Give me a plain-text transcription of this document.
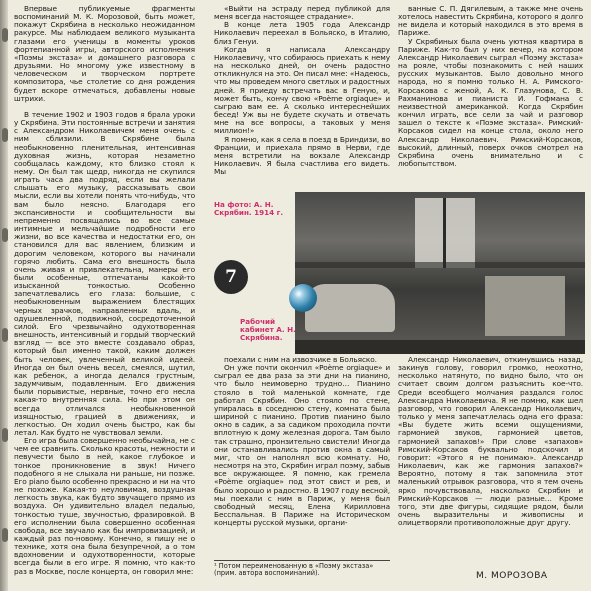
Впервые публикуемые фрагменты воспоминаний М. К. Морозовой, быть может, покажут Скрябина в несколько неожиданном ракурсе. Мы наблюдаем великого музыканта глазами его ученицы в моменты уроков фортепианной игры, авторского исполнения «Поэмы экстаза» и домашнего разговора с друзьями. Но многому уже известному в человеческом и творческом портрете композитора, чье столетие со дня рождения будет вскоре отмечаться, добавлены новые штрихи.

В течение 1902 и 1903 годов я брала уроки у Скрябина. Эти постоянные встречи и занятия с Александром Николаевичем меня очень с ним сблизили. В Скрябине была необыкновенно пленительная, интенсивная духовная жизнь, которая незаметно сообщалась каждому, кто близко стоял к нему. Он был так щедр, никогда не скупился играть часа два подряд, если вы желали слышать его музыку, рассказывать свои мысли, если вы хотели понять что-нибудь, что вам было неясно. Благодаря его экспансивности и сообщительности вы непременно посвящались во все самые интимные и мельчайшие подробности его жизни, во все качества и недостатки его, он становился для вас явлением, близким и дорогим человеком, которого вы начинали горячо любить. Сама его внешность была очень живая и привлекательна, манеры его были особенные, отпечатаны какой-то изысканной тонкостью. Особенно запечатлевались его глаза: большие, с необыкновенным выражением блестящих черных зрачков, направленных вдаль, и одушевленной, подвижной, сосредоточенной силой. Его чрезвычайно одухотворенная внешность, интенсивный и гордый творческий взгляд — все это вместе создавало образ, который был именно такой, каким должен быть человек, увлеченный великой идеей. Иногда он был очень весел, смеялся, шутил, как ребенок, а иногда делался грустным, задумчивым, подавленным. Его движения были порывистые, нервные, точно его несла какая-то внутренняя сила. Но при этом он всегда отличался необыкновенной изящностью, грацией в движениях, и легкостью. Он ходил очень быстро, как бы летал. Как будто не чувствовал земли.

Его игра была совершенно необычайна, не с чем ее сравнить. Сколько красоты, нежности и певучести было в ней, какое глубокое и тонкое проникновение в звук! Ничего подобного я не слыхала ни раньше, ни позже. Его piano было особенно прекрасно и ни на что не похоже. Какая-то неуловимая, воздушная легкость звука, как будто звучащего прямо из воздуха. Он удивительно владел педалью, тонкостью туше, звучностью, фразировкой. В его исполнении была совершенно особенная свобода, все звучало как бы импровизацией, и каждый раз по-новому. Конечно, я пишу не о технике, хотя она была безупречной, а о том вдохновении и одухотворенности, которые всегда были в его игре. Я помню, что как-то раз в Москве, после концерта, он говорил мне:

«Выйти на эстраду перед публикой для меня всегда настоящее страдание».

В конце лета 1905 года Александр Николаевич переехал в Больяско, в Италию, близ Генуи.

Когда я написала Александру Николаевичу, что собираюсь приехать к нему на несколько дней, он очень радостно откликнулся на это. Он писал мне: «Надеюсь, что мы проведем много светлых и радостных дней. Я приеду встречать вас в Геную, и, может быть, кончу свою «Poème orgiaque» и сыграю вам ее. А сколько интереснейших бесед! Уж вы не будете скучать и отвечать мне на все вопросы, а таковых у меня миллион!»

Я помню, как я села в поезд в Бриндизи, во Франции, и приехала прямо в Нерви, где меня встретили на вокзале Александр Николаевич. Я была счастлива его видеть. Мы

На фото: А. Н. Скрябин. 1914 г.

ванные С. П. Дягилевым, а также мне очень хотелось навестить Скрябина, которого я долго не видела и который находился в это время в Париже.

У Скрябиных была очень уютная квартира в Париже. Как-то был у них вечер, на котором Александр Николаевич сыграл «Поэму экстаза» на рояле, чтобы познакомить с ней наших русских музыкантов. Было довольно много народа, но я помню только Н. А. Римского-Корсакова с женой, А. К. Глазунова, С. В. Рахманинова и пианиста И. Гофмана с неизвестной американкой. Когда Скрябин кончил играть, все сели за чай и разговор зашел о тексте к «Поэме экстаза». Римский-Корсаков сидел на конце стола, около него Александр Николаевич. Римский-Корсаков, высокий, длинный, поверх очков смотрел на Скрябина очень внимательно и с любопытством.

7
Рабочий кабинет А. Н. Скрябина.

поехали с ним на извозчике в Больяско.

Он уже почти окончил «Poème orgiaque» и сыграл ее два раза за эти дни на пианино, что было неимоверно трудно… Пианино стояло в той маленькой комнате, где работал Скрябин. Оно стояло по стене, упиралась в соседнюю стену, комната была шириной с пианино. Против пианино было окно в садик, а за садиком проходила почти вплотную к дому железная дорога. Там было так страшно, пронзительно свистели! Иногда они останавливались против окна в самый миг, что он наполнял всю комнату. Но, несмотря на это, Скрябин играл поэму, забыв все окружающее. Я помню, как гремела «Poème orgiaque» под этот свист и рев, и было хорошо и радостно. В 1907 году весной, мы поехали с ним в Париж, у меня был свободный месяц, Елена Кирилловна Бесспальная. В Париже на Историческом концерты русской музыки, органи-

¹ Потом переименованную в «Поэму экстаза» (прим. автора воспоминаний).

Александр Николаевич, откинувшись назад, закинув голову, говорил громко, неохотно, несколько натянуто, по видно было, что он считает своим долгом разъяснить кое-что. Среди всеобщего молчания раздался голос Александра Николаевича. Я не помню, как шел разговор, что говорил Александр Николаевич, только у меня запечатлелась одна его фраза: «Вы будете жить всеми ощущениями, гармонией звуков, гармонией цветов, гармонией запахов!» При слове «запахов» Римский-Корсаков буквально подскочил и говорит: «Этого я не понимаю». Александр Николаевич, как же гармония запахов?» Вероятно, потому я так запомнила этот маленький отрывок разговора, что я тем очень ярко почувствовала, насколько Скрябин и Римский-Корсаков — люди разные… Кроме того, эти две фигуры, сидящие рядом, были очень выразительны и живописны и олицетворяли противоположные друг другу.

М. МОРОЗОВА
